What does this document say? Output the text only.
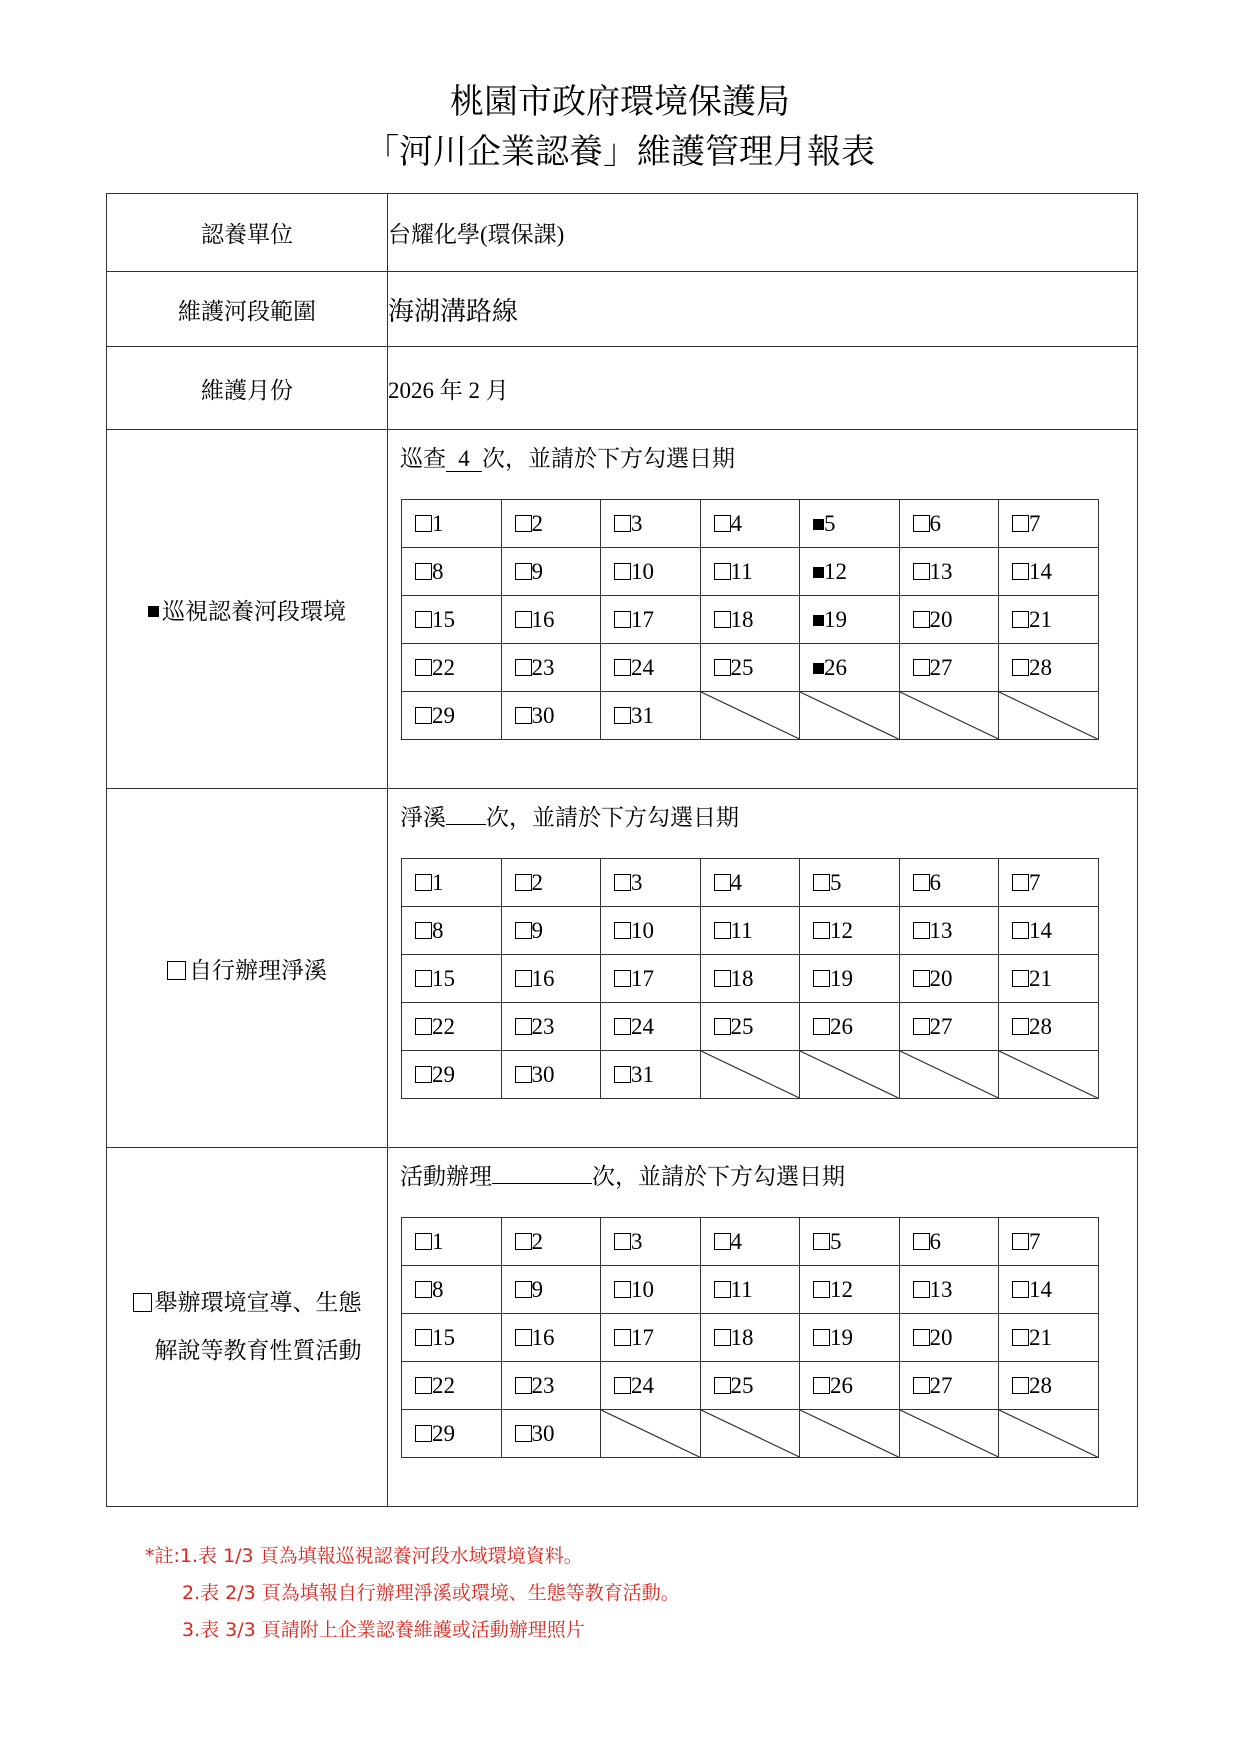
桃園市政府環境保護局
「河川企業認養」維護管理月報表
認養單位	台耀化學(環保課)
維護河段範圍	海湖溝路線
維護月份	2026 年 2 月

巡視認養河段環境

巡查 4 次，並請於下方勾選日期
1	2	3	4	5	6	7
8	9	10	11	12	13	14
15	16	17	18	19	20	21
22	23	24	25	26	27	28
29	30	31	

自行辦理淨溪

淨溪 次，並請於下方勾選日期
1	2	3	4	5	6	7
8	9	10	11	12	13	14
15	16	17	18	19	20	21
22	23	24	25	26	27	28
29	30	31	

舉辦環境宣導、生態
解說等教育性質活動

活動辦理	次，並請於下方勾選日期
1	2	3	4	5	6	7
8	9	10	11	12	13	14
15	16	17	18	19	20	21
22	23	24	25	26	27	28
29	30	

*註:1.表 1/3 頁為填報巡視認養河段水域環境資料。
2.表 2/3 頁為填報自行辦理淨溪或環境、生態等教育活動。
3.表 3/3 頁請附上企業認養維護或活動辦理照片
